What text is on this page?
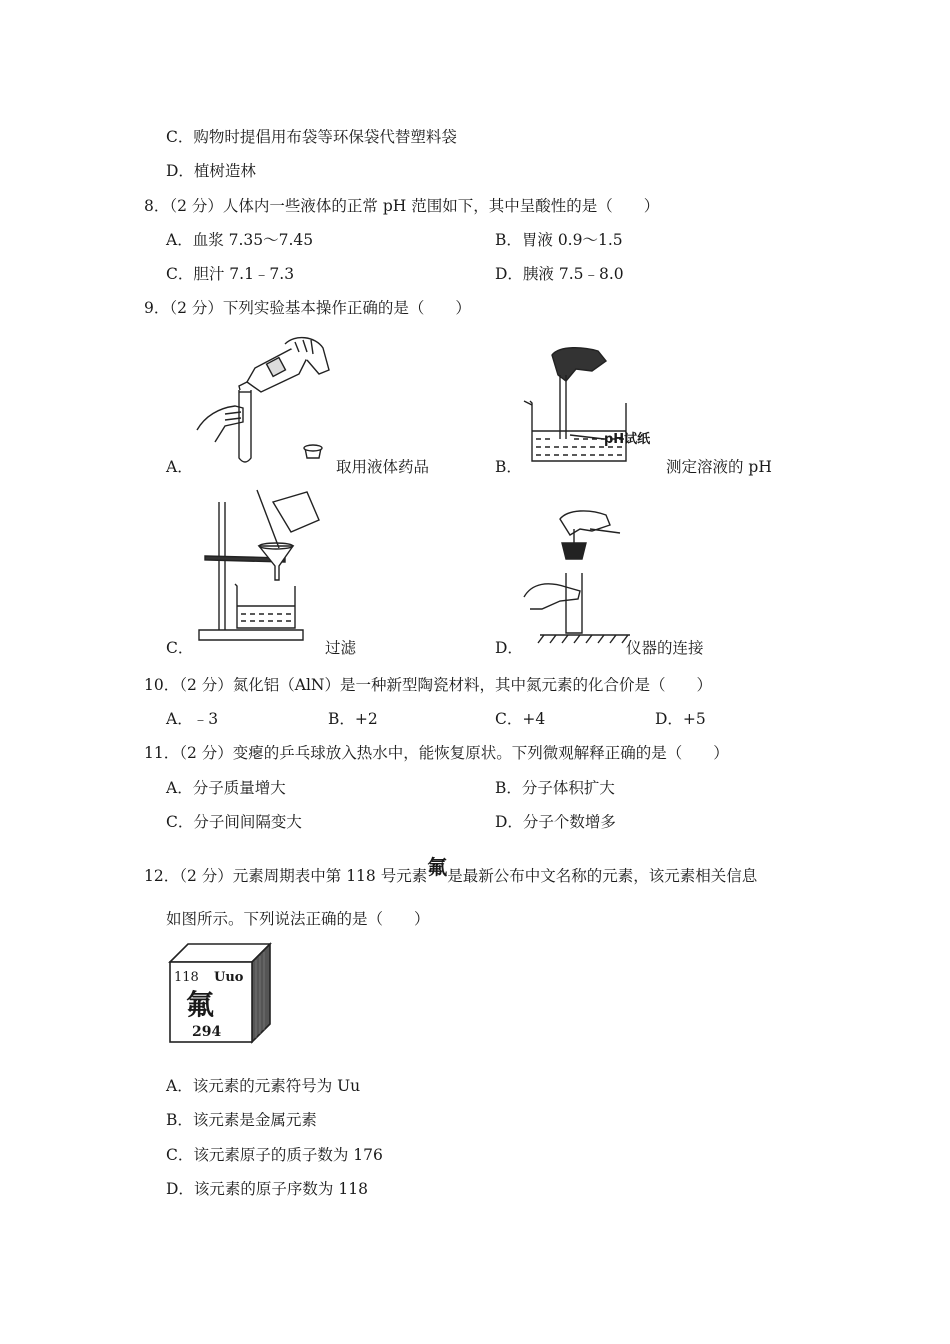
C．购物时提倡用布袋等环保袋代替塑料袋
D．植树造林
8．（2 分）人体内一些液体的正常 pH 范围如下，其中呈酸性的是（　　）
A．血浆 7.35～7.45	B．胃液 0.9～1.5
C．胆汁 7.1﹣7.3	D．胰液 7.5﹣8.0
9．（2 分）下列实验基本操作正确的是（　　）
A．	取用液体药品
pH试纸
B．	测定溶液的 pH
C．	过滤	D．	仪器的连接
10．（2 分）氮化铝（AlN）是一种新型陶瓷材料，其中氮元素的化合价是（　　）
A．﹣3	B．+2	C．+4	D．+5
11．（2 分）变瘪的乒乓球放入热水中，能恢复原状。下列微观解释正确的是（　　）
A．分子质量增大	B．分子体积扩大
C．分子间间隔变大	D．分子个数增多
12．（2 分）元素周期表中第 118 号元素氟是最新公布中文名称的元素，该元素相关信息
如图所示。下列说法正确的是（　　）
118 Uuo
氟
294
A．该元素的元素符号为 Uu
B．该元素是金属元素
C．该元素原子的质子数为 176
D．该元素的原子序数为 118
